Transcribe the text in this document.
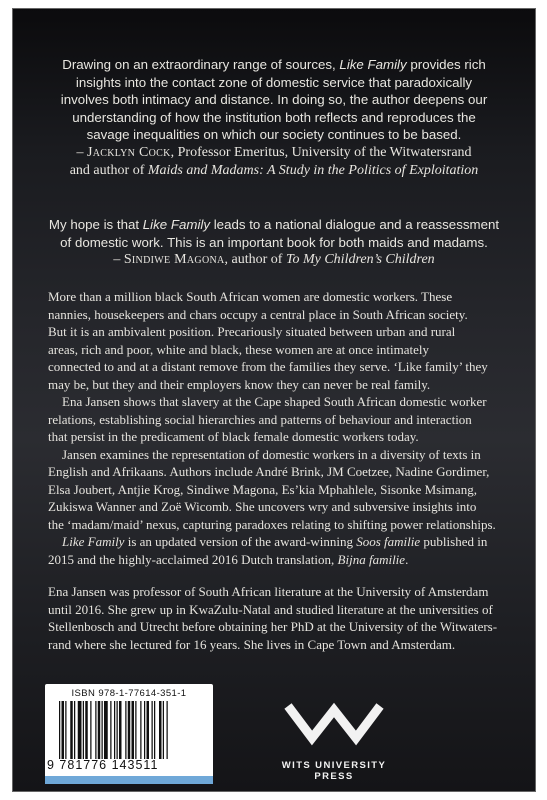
Drawing on an extraordinary range of sources, Like Family provides rich
insights into the contact zone of domestic service that paradoxically
involves both intimacy and distance. In doing so, the author deepens our
understanding of how the institution both reflects and reproduces the
savage inequalities on which our society continues to be based.
– Jacklyn Cock, Professor Emeritus, University of the Witwatersrand
and author of Maids and Madams: A Study in the Politics of Exploitation
My hope is that Like Family leads to a national dialogue and a reassessment
of domestic work. This is an important book for both maids and madams.
– Sindiwe Magona, author of To My Children’s Children

More than a million black South African women are domestic workers. These
nannies, housekeepers and chars occupy a central place in South African society.
But it is an ambivalent position. Precariously situated between urban and rural
areas, rich and poor, white and black, these women are at once intimately
connected to and at a distant remove from the families they serve. ‘Like family’ they
may be, but they and their employers know they can never be real family.

Ena Jansen shows that slavery at the Cape shaped South African domestic worker
relations, establishing social hierarchies and patterns of behaviour and interaction
that persist in the predicament of black female domestic workers today.

Jansen examines the representation of domestic workers in a diversity of texts in
English and Afrikaans. Authors include André Brink, JM Coetzee, Nadine Gordimer,
Elsa Joubert, Antjie Krog, Sindiwe Magona, Es’kia Mphahlele, Sisonke Msimang,
Zukiswa Wanner and Zoë Wicomb. She uncovers wry and subversive insights into
the ‘madam/maid’ nexus, capturing paradoxes relating to shifting power relationships.

Like Family is an updated version of the award-winning Soos familie published in
2015 and the highly-acclaimed 2016 Dutch translation, Bijna familie.

Ena Jansen was professor of South African literature at the University of Amsterdam
until 2016. She grew up in KwaZulu-Natal and studied literature at the universities of
Stellenbosch and Utrecht before obtaining her PhD at the University of the Witwaters-
rand where she lectured for 16 years. She lives in Cape Town and Amsterdam.

ISBN 978-1-77614-351-1
9 781776 143511	WITS UNIVERSITY PRESS
